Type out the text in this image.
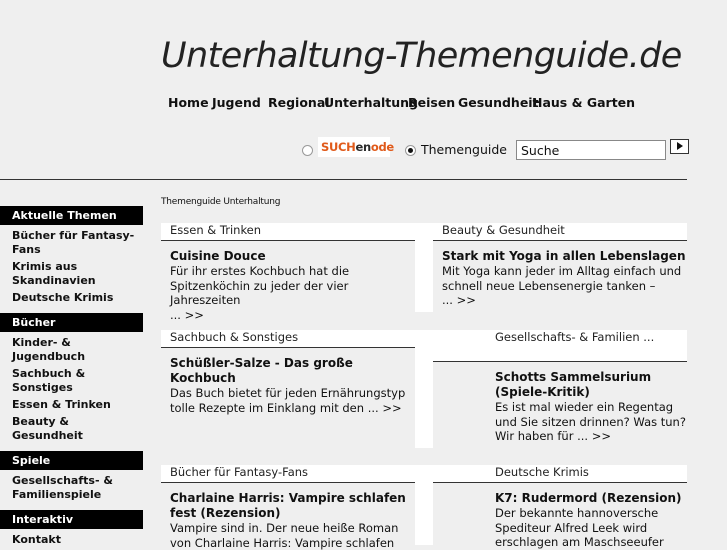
Unterhaltung-Themenguide.de
Home Jugend Regional
Unterhaltung
Reisen Gesundheit
Haus & Garten
SUCHenode Themenguide
Suche
Aktuelle Themen
Bücher für Fantasy-Fans
Krimis aus Skandinavien
Deutsche Krimis
Bücher
Kinder- & Jugendbuch
Sachbuch & Sonstiges
Essen & Trinken
Beauty & Gesundheit
Spiele
Gesellschafts- & Familienspiele
Interaktiv
Kontakt
Themenguide Unterhaltung
Essen & Trinken
Cuisine Douce
Für ihr erstes Kochbuch hat die Spitzenköchin zu jeder der vier Jahreszeiten
... >>
Beauty & Gesundheit
Stark mit Yoga in allen Lebenslagen
Mit Yoga kann jeder im Alltag einfach und schnell neue Lebensenergie tanken –
... >>
Sachbuch & Sonstiges
Schüßler-Salze - Das große Kochbuch
Das Buch bietet für jeden Ernährungstyp tolle Rezepte im Einklang mit den ... >>
Gesellschafts- & Familien ...
Schotts Sammelsurium (Spiele-Kritik)
Es ist mal wieder ein Regentag und Sie sitzen drinnen? Was tun? Wir haben für ... >>
Bücher für Fantasy-Fans
Charlaine Harris: Vampire schlafen fest (Rezension)
Vampire sind in. Der neue heiße Roman von Charlaine Harris: Vampire schlafen
Deutsche Krimis
K7: Rudermord (Rezension)
Der bekannte hannoversche Spediteur Alfred Leek wird erschlagen am Maschseeufer
